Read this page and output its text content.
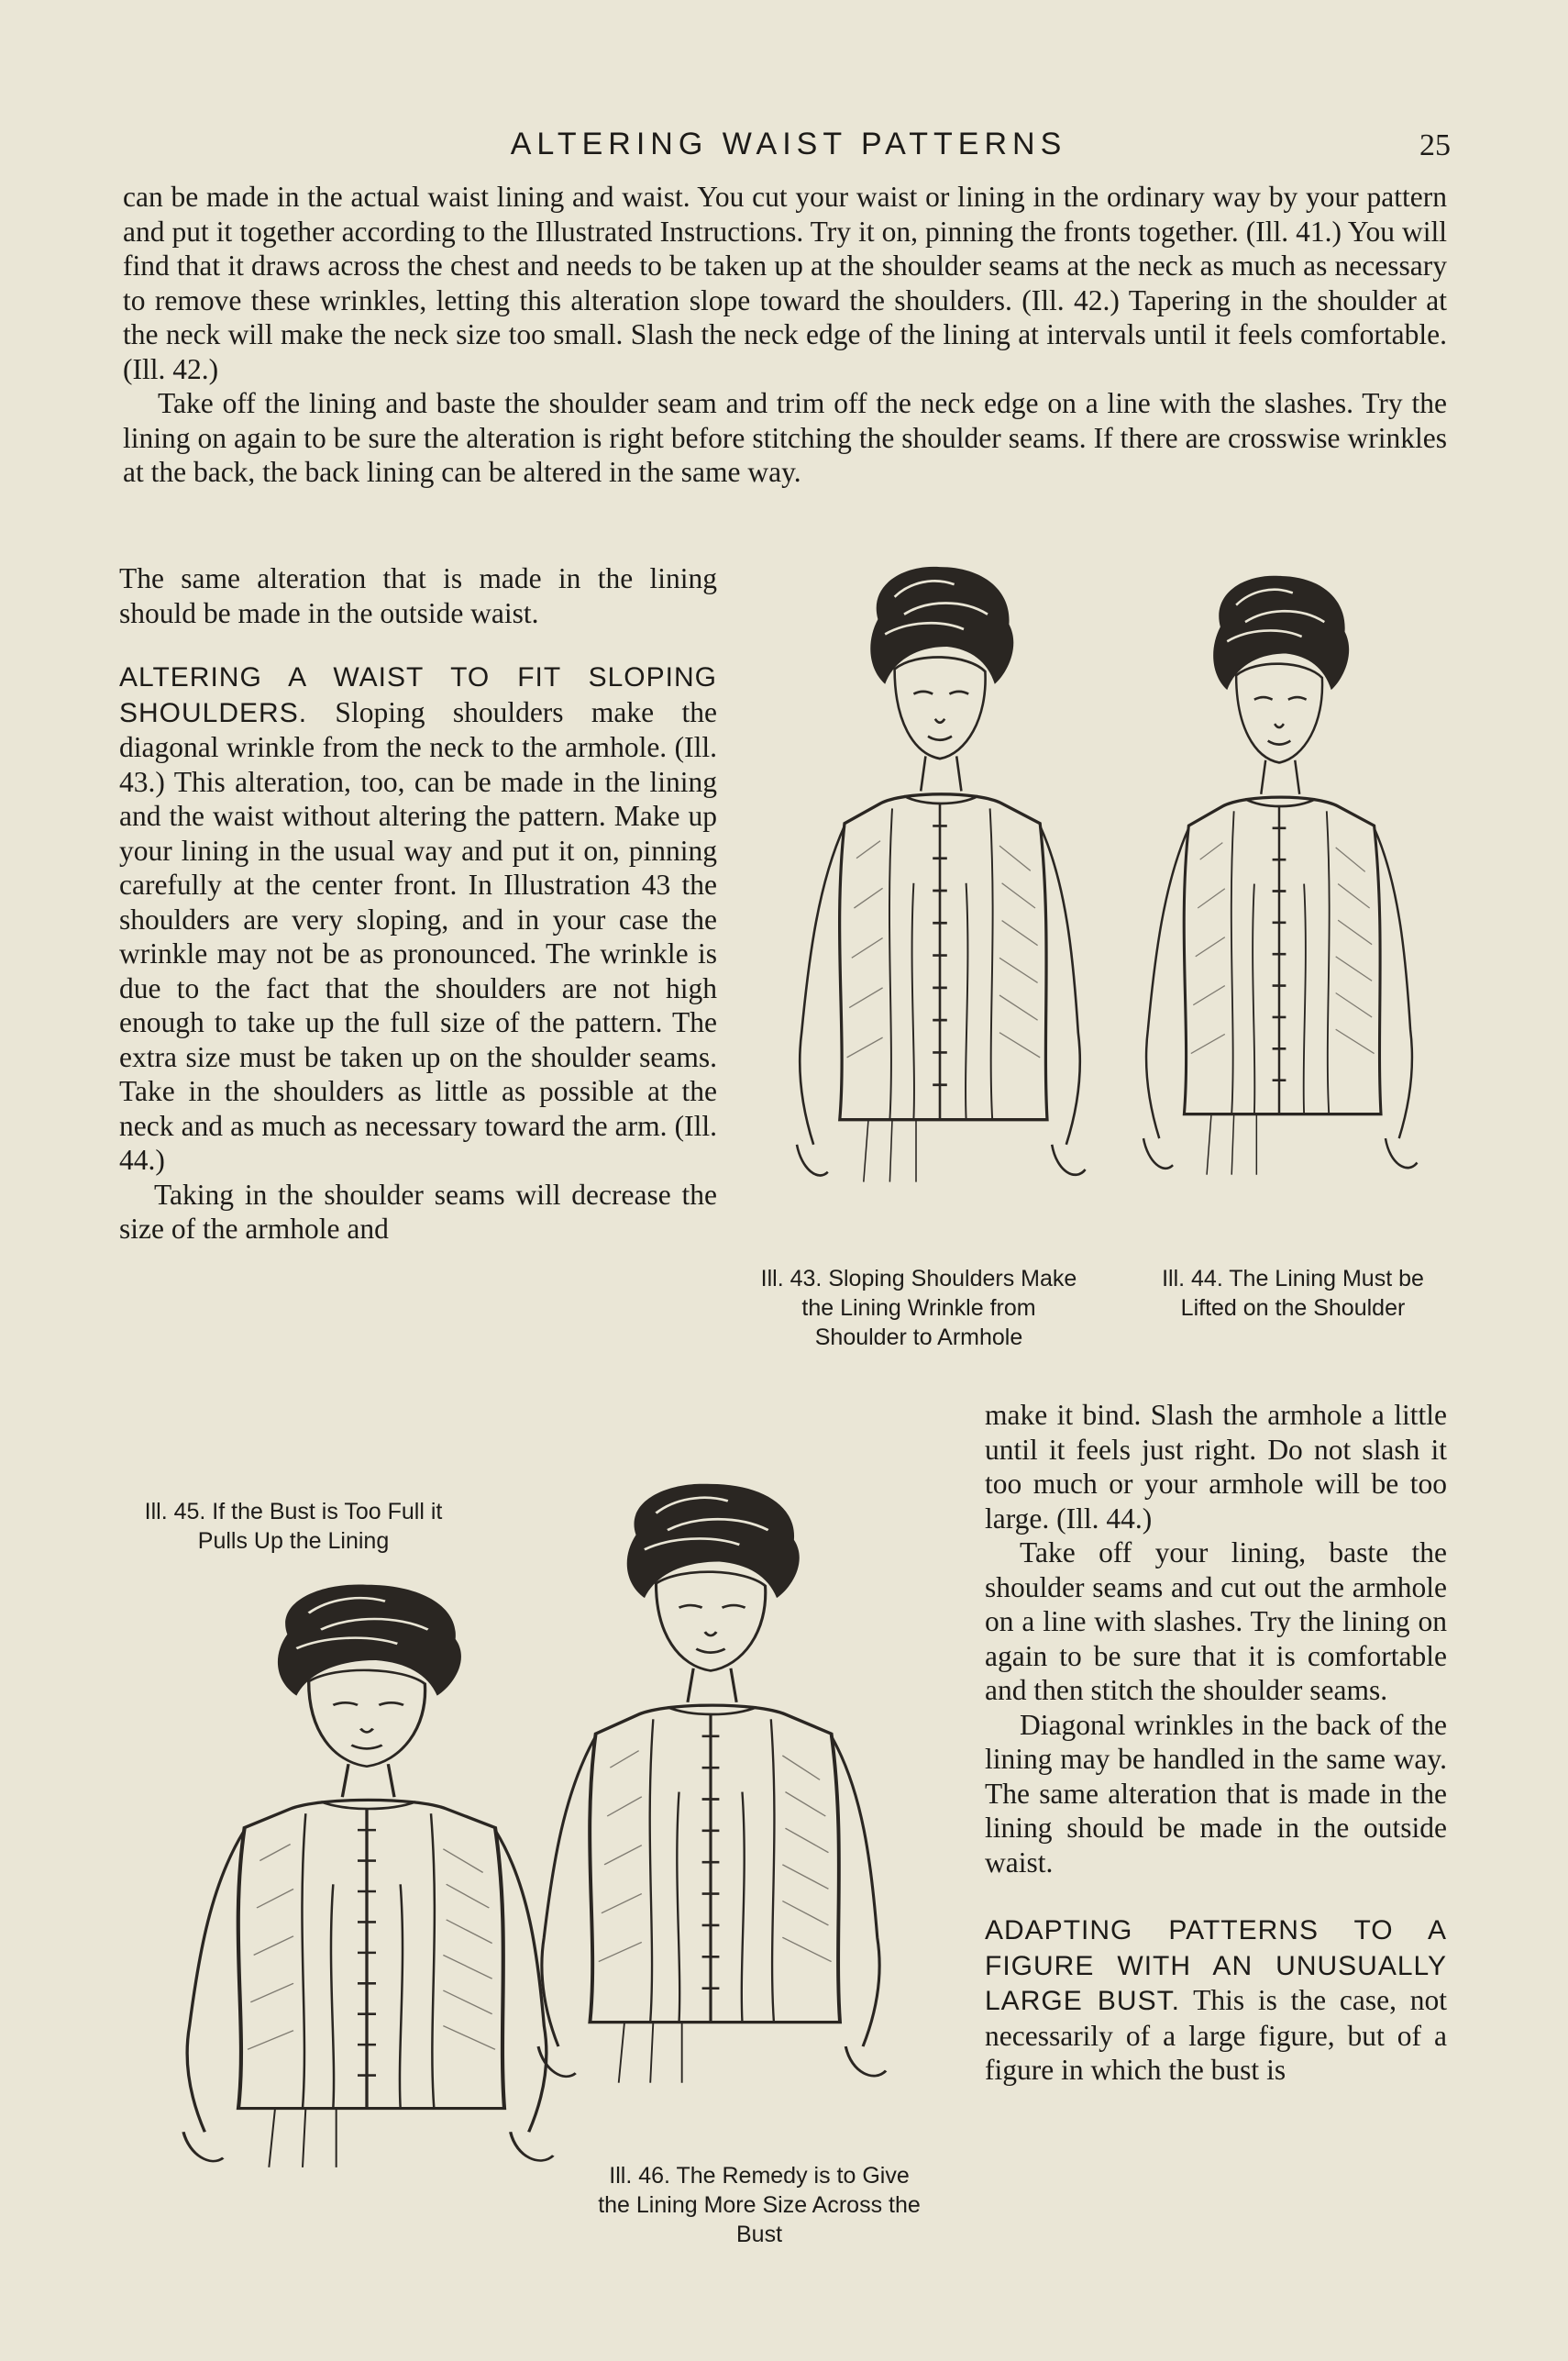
ALTERING WAIST PATTERNS	25

can be made in the actual waist lining and waist. You cut your waist or lining in the ordinary way by your pattern and put it together according to the Illustrated Instructions. Try it on, pinning the fronts together. (Ill. 41.) You will find that it draws across the chest and needs to be taken up at the shoulder seams at the neck as much as necessary to remove these wrinkles, letting this alteration slope toward the shoulders. (Ill. 42.) Tapering in the shoulder at the neck will make the neck size too small. Slash the neck edge of the lining at intervals until it feels comfortable. (Ill. 42.)

Take off the lining and baste the shoulder seam and trim off the neck edge on a line with the slashes. Try the lining on again to be sure the alteration is right before stitching the shoulder seams. If there are crosswise wrinkles at the back, the back lining can be altered in the same way.

The same alteration that is made in the lining should be made in the outside waist.

ALTERING A WAIST TO FIT SLOPING SHOULDERS. Sloping shoulders make the diagonal wrinkle from the neck to the armhole. (Ill. 43.) This alteration, too, can be made in the lining and the waist without altering the pattern. Make up your lining in the usual way and put it on, pinning carefully at the center front. In Illustration 43 the shoulders are very sloping, and in your case the wrinkle may not be as pronounced. The wrinkle is due to the fact that the shoulders are not high enough to take up the full size of the pattern. The extra size must be taken up on the shoulder seams. Take in the shoulders as little as possible at the neck and as much as necessary toward the arm. (Ill. 44.)

Taking in the shoulder seams will decrease the size of the armhole and

Ill. 43. Sloping Shoulders Make the Lining Wrinkle from Shoulder to Armhole
Ill. 44. The Lining Must be Lifted on the Shoulder

make it bind. Slash the armhole a little until it feels just right. Do not slash it too much or your armhole will be too large. (Ill. 44.)

Take off your lining, baste the shoulder seams and cut out the armhole on a line with slashes. Try the lining on again to be sure that it is comfortable and then stitch the shoulder seams.

Diagonal wrinkles in the back of the lining may be handled in the same way. The same alteration that is made in the lining should be made in the outside waist.

ADAPTING PATTERNS TO A FIGURE WITH AN UNUSUALLY LARGE BUST. This is the case, not necessarily of a large figure, but of a figure in which the bust is

Ill. 45. If the Bust is Too Full it Pulls Up the Lining
Ill. 46. The Remedy is to Give the Lining More Size Across the Bust
